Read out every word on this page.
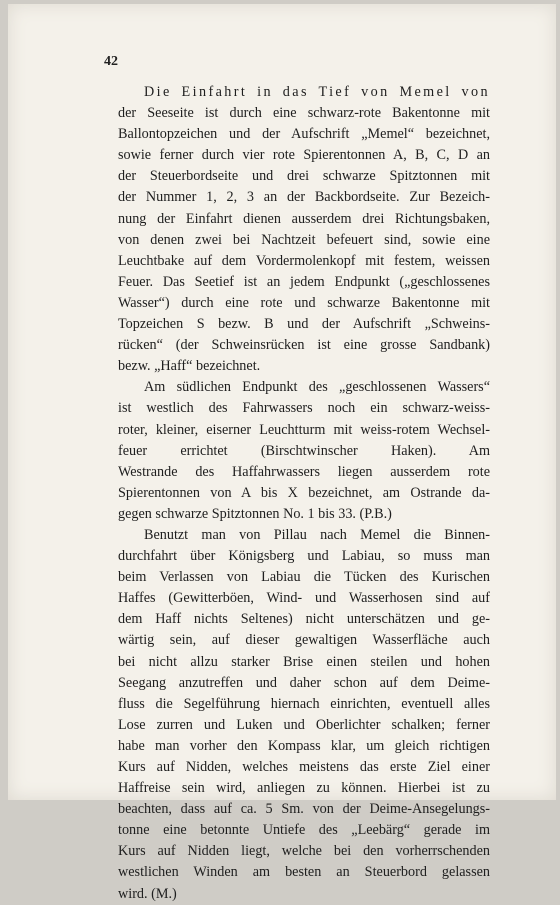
42
Die Einfahrt in das Tief von Memel von
der Seeseite ist durch eine schwarz-rote Bakentonne mit
Ballontopzeichen und der Aufschrift „Memel“ bezeichnet,
sowie ferner durch vier rote Spierentonnen A, B, C, D an
der Steuerbordseite und drei schwarze Spitztonnen mit
der Nummer 1, 2, 3 an der Backbordseite. Zur Bezeich-
nung der Einfahrt dienen ausserdem drei Richtungsbaken,
von denen zwei bei Nachtzeit befeuert sind, sowie eine
Leuchtbake auf dem Vordermolenkopf mit festem, weissen
Feuer. Das Seetief ist an jedem Endpunkt („geschlossenes
Wasser“) durch eine rote und schwarze Bakentonne mit
Topzeichen S bezw. B und der Aufschrift „Schweins-
rücken“ (der Schweinsrücken ist eine grosse Sandbank)
bezw. „Haff“ bezeichnet.
Am südlichen Endpunkt des „geschlossenen Wassers“
ist westlich des Fahrwassers noch ein schwarz-weiss-
roter, kleiner, eiserner Leuchtturm mit weiss-rotem Wechsel-
feuer errichtet (Birschtwinscher Haken). Am
Westrande des Haffahrwassers liegen ausserdem rote
Spierentonnen von A bis X bezeichnet, am Ostrande da-
gegen schwarze Spitztonnen No. 1 bis 33. (P.B.)
Benutzt man von Pillau nach Memel die Binnen-
durchfahrt über Königsberg und Labiau, so muss man
beim Verlassen von Labiau die Tücken des Kurischen
Haffes (Gewitterböen, Wind- und Wasserhosen sind auf
dem Haff nichts Seltenes) nicht unterschätzen und ge-
wärtig sein, auf dieser gewaltigen Wasserfläche auch
bei nicht allzu starker Brise einen steilen und hohen
Seegang anzutreffen und daher schon auf dem Deime-
fluss die Segelführung hiernach einrichten, eventuell alles
Lose zurren und Luken und Oberlichter schalken; ferner
habe man vorher den Kompass klar, um gleich richtigen
Kurs auf Nidden, welches meistens das erste Ziel einer
Haffreise sein wird, anliegen zu können. Hierbei ist zu
beachten, dass auf ca. 5 Sm. von der Deime-Ansegelungs-
tonne eine betonnte Untiefe des „Leebärg“ gerade im
Kurs auf Nidden liegt, welche bei den vorherrschenden
westlichen Winden am besten an Steuerbord gelassen
wird. (M.)
